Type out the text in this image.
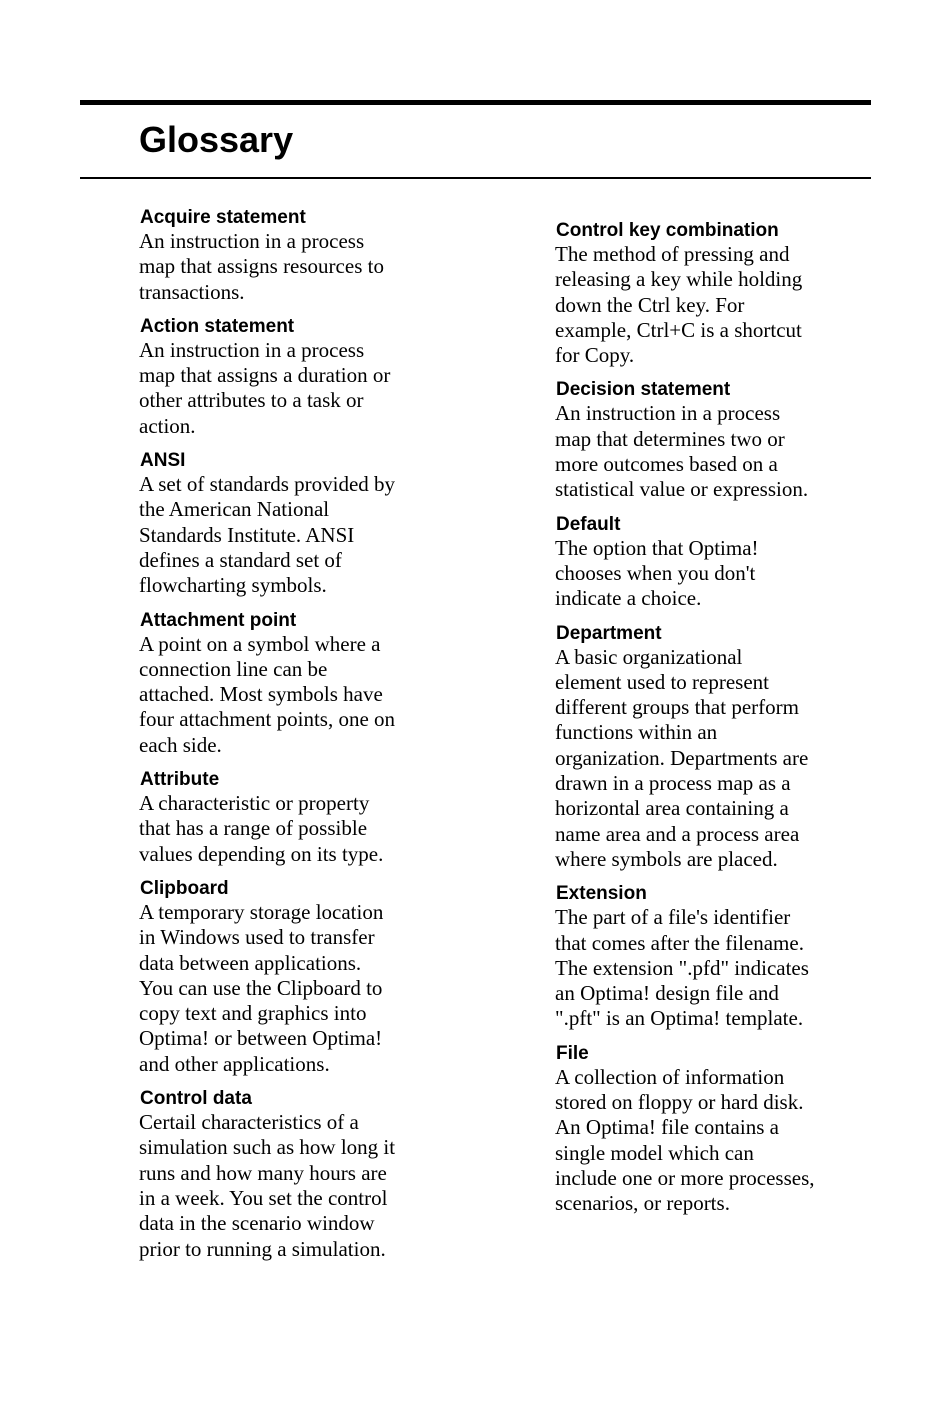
Glossary

Acquire statement

An instruction in a process
map that assigns resources to
transactions.

Action statement

An instruction in a process
map that assigns a duration or
other attributes to a task or
action.

ANSI

A set of standards provided by
the American National
Standards Institute. ANSI
defines a standard set of
flowcharting symbols.

Attachment point

A point on a symbol where a
connection line can be
attached. Most symbols have
four attachment points, one on
each side.

Attribute

A characteristic or property
that has a range of possible
values depending on its type.

Clipboard

A temporary storage location
in Windows used to transfer
data between applications.
You can use the Clipboard to
copy text and graphics into
Optima! or between Optima!
and other applications.

Control data

Certail characteristics of a
simulation such as how long it
runs and how many hours are
in a week. You set the control
data in the scenario window
prior to running a simulation.

Control key combination

The method of pressing and
releasing a key while holding
down the Ctrl key. For
example, Ctrl+C is a shortcut
for Copy.

Decision statement

An instruction in a process
map that determines two or
more outcomes based on a
statistical value or expression.

Default

The option that Optima!
chooses when you don't
indicate a choice.

Department

A basic organizational
element used to represent
different groups that perform
functions within an
organization. Departments are
drawn in a process map as a
horizontal area containing a
name area and a process area
where symbols are placed.

Extension

The part of a file's identifier
that comes after the filename.
The extension ".pfd" indicates
an Optima! design file and
".pft" is an Optima! template.

File

A collection of information
stored on floppy or hard disk.
An Optima! file contains a
single model which can
include one or more processes,
scenarios, or reports.
